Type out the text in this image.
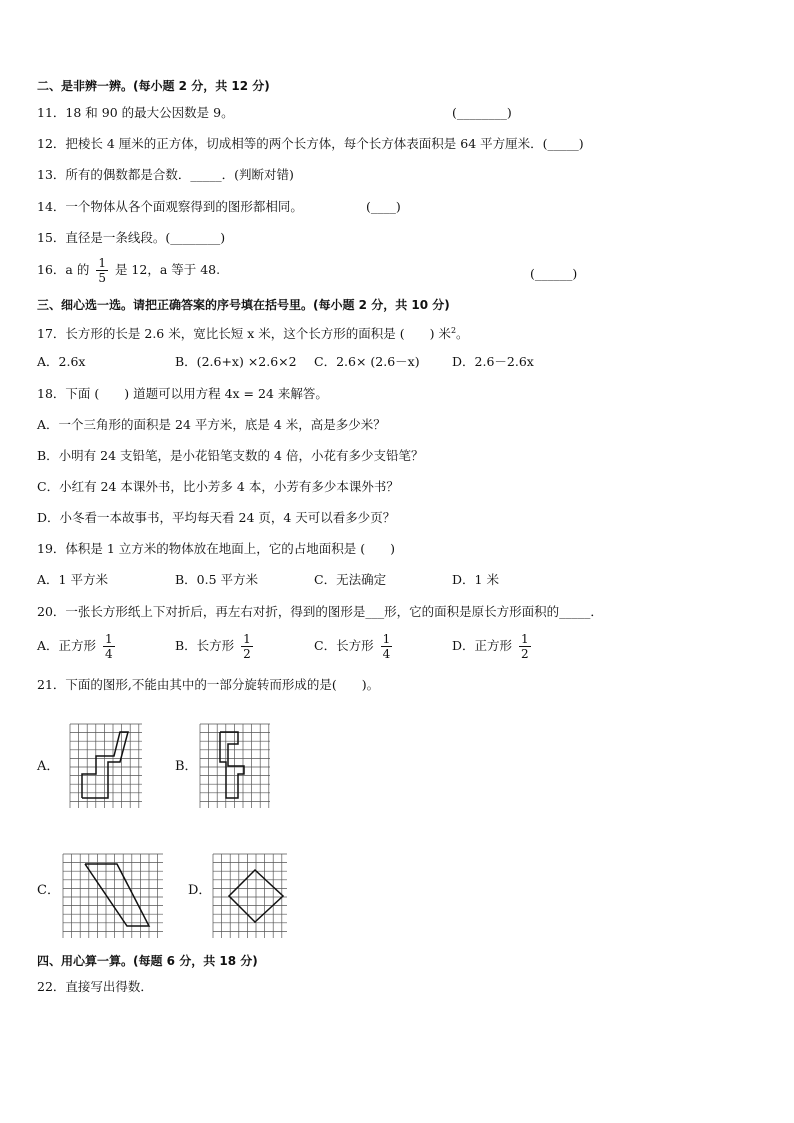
二、是非辨一辨。(每小题 2 分，共 12 分)
11．18 和 90 的最大公因数是 9。	(________)
12．把棱长 4 厘米的正方体，切成相等的两个长方体，每个长方体表面积是 64 平方厘米．(_____)
13．所有的偶数都是合数．_____．(判断对错)
14．一个物体从各个面观察得到的图形都相同。	(____)
15．直径是一条线段。(________)
16．a 的 $\frac{1}{5}$ 是 12，a 等于 48.	(______)
三、细心选一选。请把正确答案的序号填在括号里。(每小题 2 分，共 10 分)
17．长方形的长是 2.6 米，宽比长短 x 米，这个长方形的面积是 (　　) 米$^2$。
A．2.6x	B．(2.6+x) ×2.6×2 C．2.6× (2.6－x)	D．2.6－2.6x
18．下面 (　　) 道题可以用方程 4x = 24 来解答。
A．一个三角形的面积是 24 平方米，底是 4 米，高是多少米？
B．小明有 24 支铅笔，是小花铅笔支数的 4 倍，小花有多少支铅笔？
C．小红有 24 本课外书，比小芳多 4 本，小芳有多少本课外书？
D．小冬看一本故事书，平均每天看 24 页，4 天可以看多少页？
19．体积是 1 立方米的物体放在地面上，它的占地面积是 (　　)
A．1 平方米	B．0.5 平方米	C．无法确定	D．1 米
20．一张长方形纸上下对折后，再左右对折，得到的图形是___形，它的面积是原长方形面积的_____．
A．正方形 $\frac{1}{4}$	B．长方形 $\frac{1}{2}$	C．长方形 $\frac{1}{4}$	D．正方形 $\frac{1}{2}$
21．下面的图形,不能由其中的一部分旋转而形成的是(　　)。
A．	B．
C．	D．
四、用心算一算。(每题 6 分，共 18 分)
22．直接写出得数．
